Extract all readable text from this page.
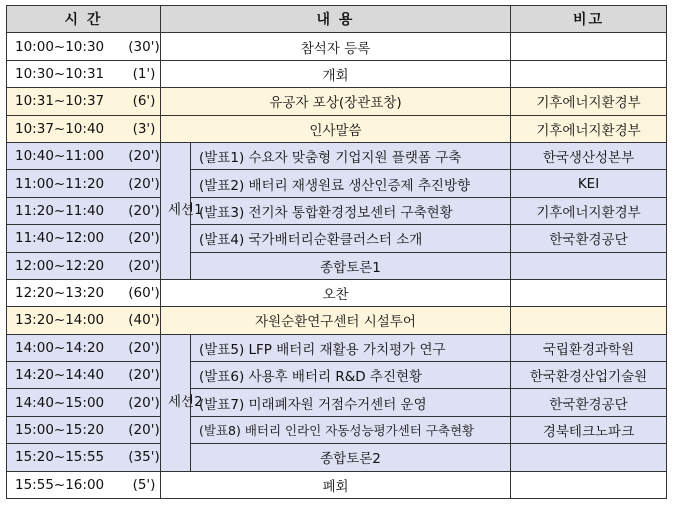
시 간	내 용		비고
10:00~10:30 (30')	참석자 등록		
10:30~10:31 (1')	개회		
10:31~10:37 (6')	유공자 포상(장관표창)		기후에너지환경부
10:37~10:40 (3')	인사말씀		기후에너지환경부
10:40~11:00 (20')	세션1	(발표1) 수요자 맞춤형 기업지원 플랫폼 구축	한국생산성본부
11:00~11:20 (20')		(발표2) 배터리 재생원료 생산인증제 추진방향	KEI
11:20~11:40 (20')		(발표3) 전기차 통합환경정보센터 구축현황	기후에너지환경부
11:40~12:00 (20')		(발표4) 국가배터리순환클러스터 소개	한국환경공단
12:00~12:20 (20')		종합토론1	
12:20~13:20 (60')	오찬		
13:20~14:00 (40')	자원순환연구센터 시설투어		
14:00~14:20 (20')	세션2	(발표5) LFP 배터리 재활용 가치평가 연구	국립환경과학원
14:20~14:40 (20')		(발표6) 사용후 배터리 R&D 추진현황	한국환경산업기술원
14:40~15:00 (20')		(발표7) 미래폐자원 거점수거센터 운영	한국환경공단
15:00~15:20 (20')		(발표8) 배터리 인라인 자동성능평가센터 구축현황	경북테크노파크
15:20~15:55 (35')		종합토론2	
15:55~16:00 (5')	폐회		
